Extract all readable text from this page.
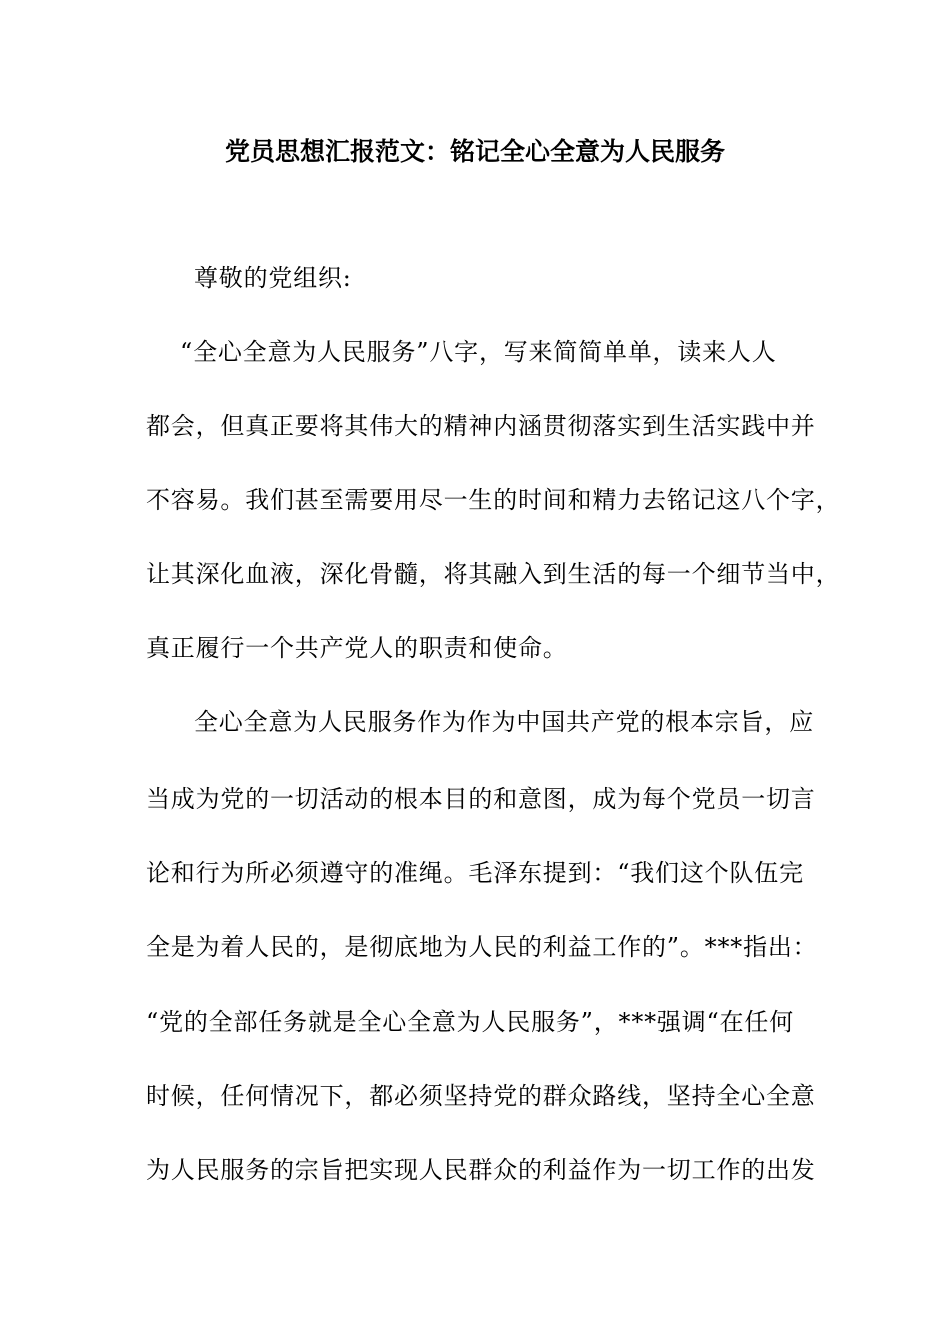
党员思想汇报范文：铭记全心全意为人民服务
尊敬的党组织:
“全心全意为人民服务”八字，写来简简单单，读来人人
都会，但真正要将其伟大的精神内涵贯彻落实到生活实践中并
不容易。我们甚至需要用尽一生的时间和精力去铭记这八个字，
让其深化血液，深化骨髓，将其融入到生活的每一个细节当中，
真正履行一个共产党人的职责和使命。
全心全意为人民服务作为作为中国共产党的根本宗旨，应
当成为党的一切活动的根本目的和意图，成为每个党员一切言
论和行为所必须遵守的准绳。毛泽东提到：“我们这个队伍完
全是为着人民的，是彻底地为人民的利益工作的”。***指出：
“党的全部任务就是全心全意为人民服务”，***强调“在任何
时候，任何情况下，都必须坚持党的群众路线，坚持全心全意
为人民服务的宗旨把实现人民群众的利益作为一切工作的出发
